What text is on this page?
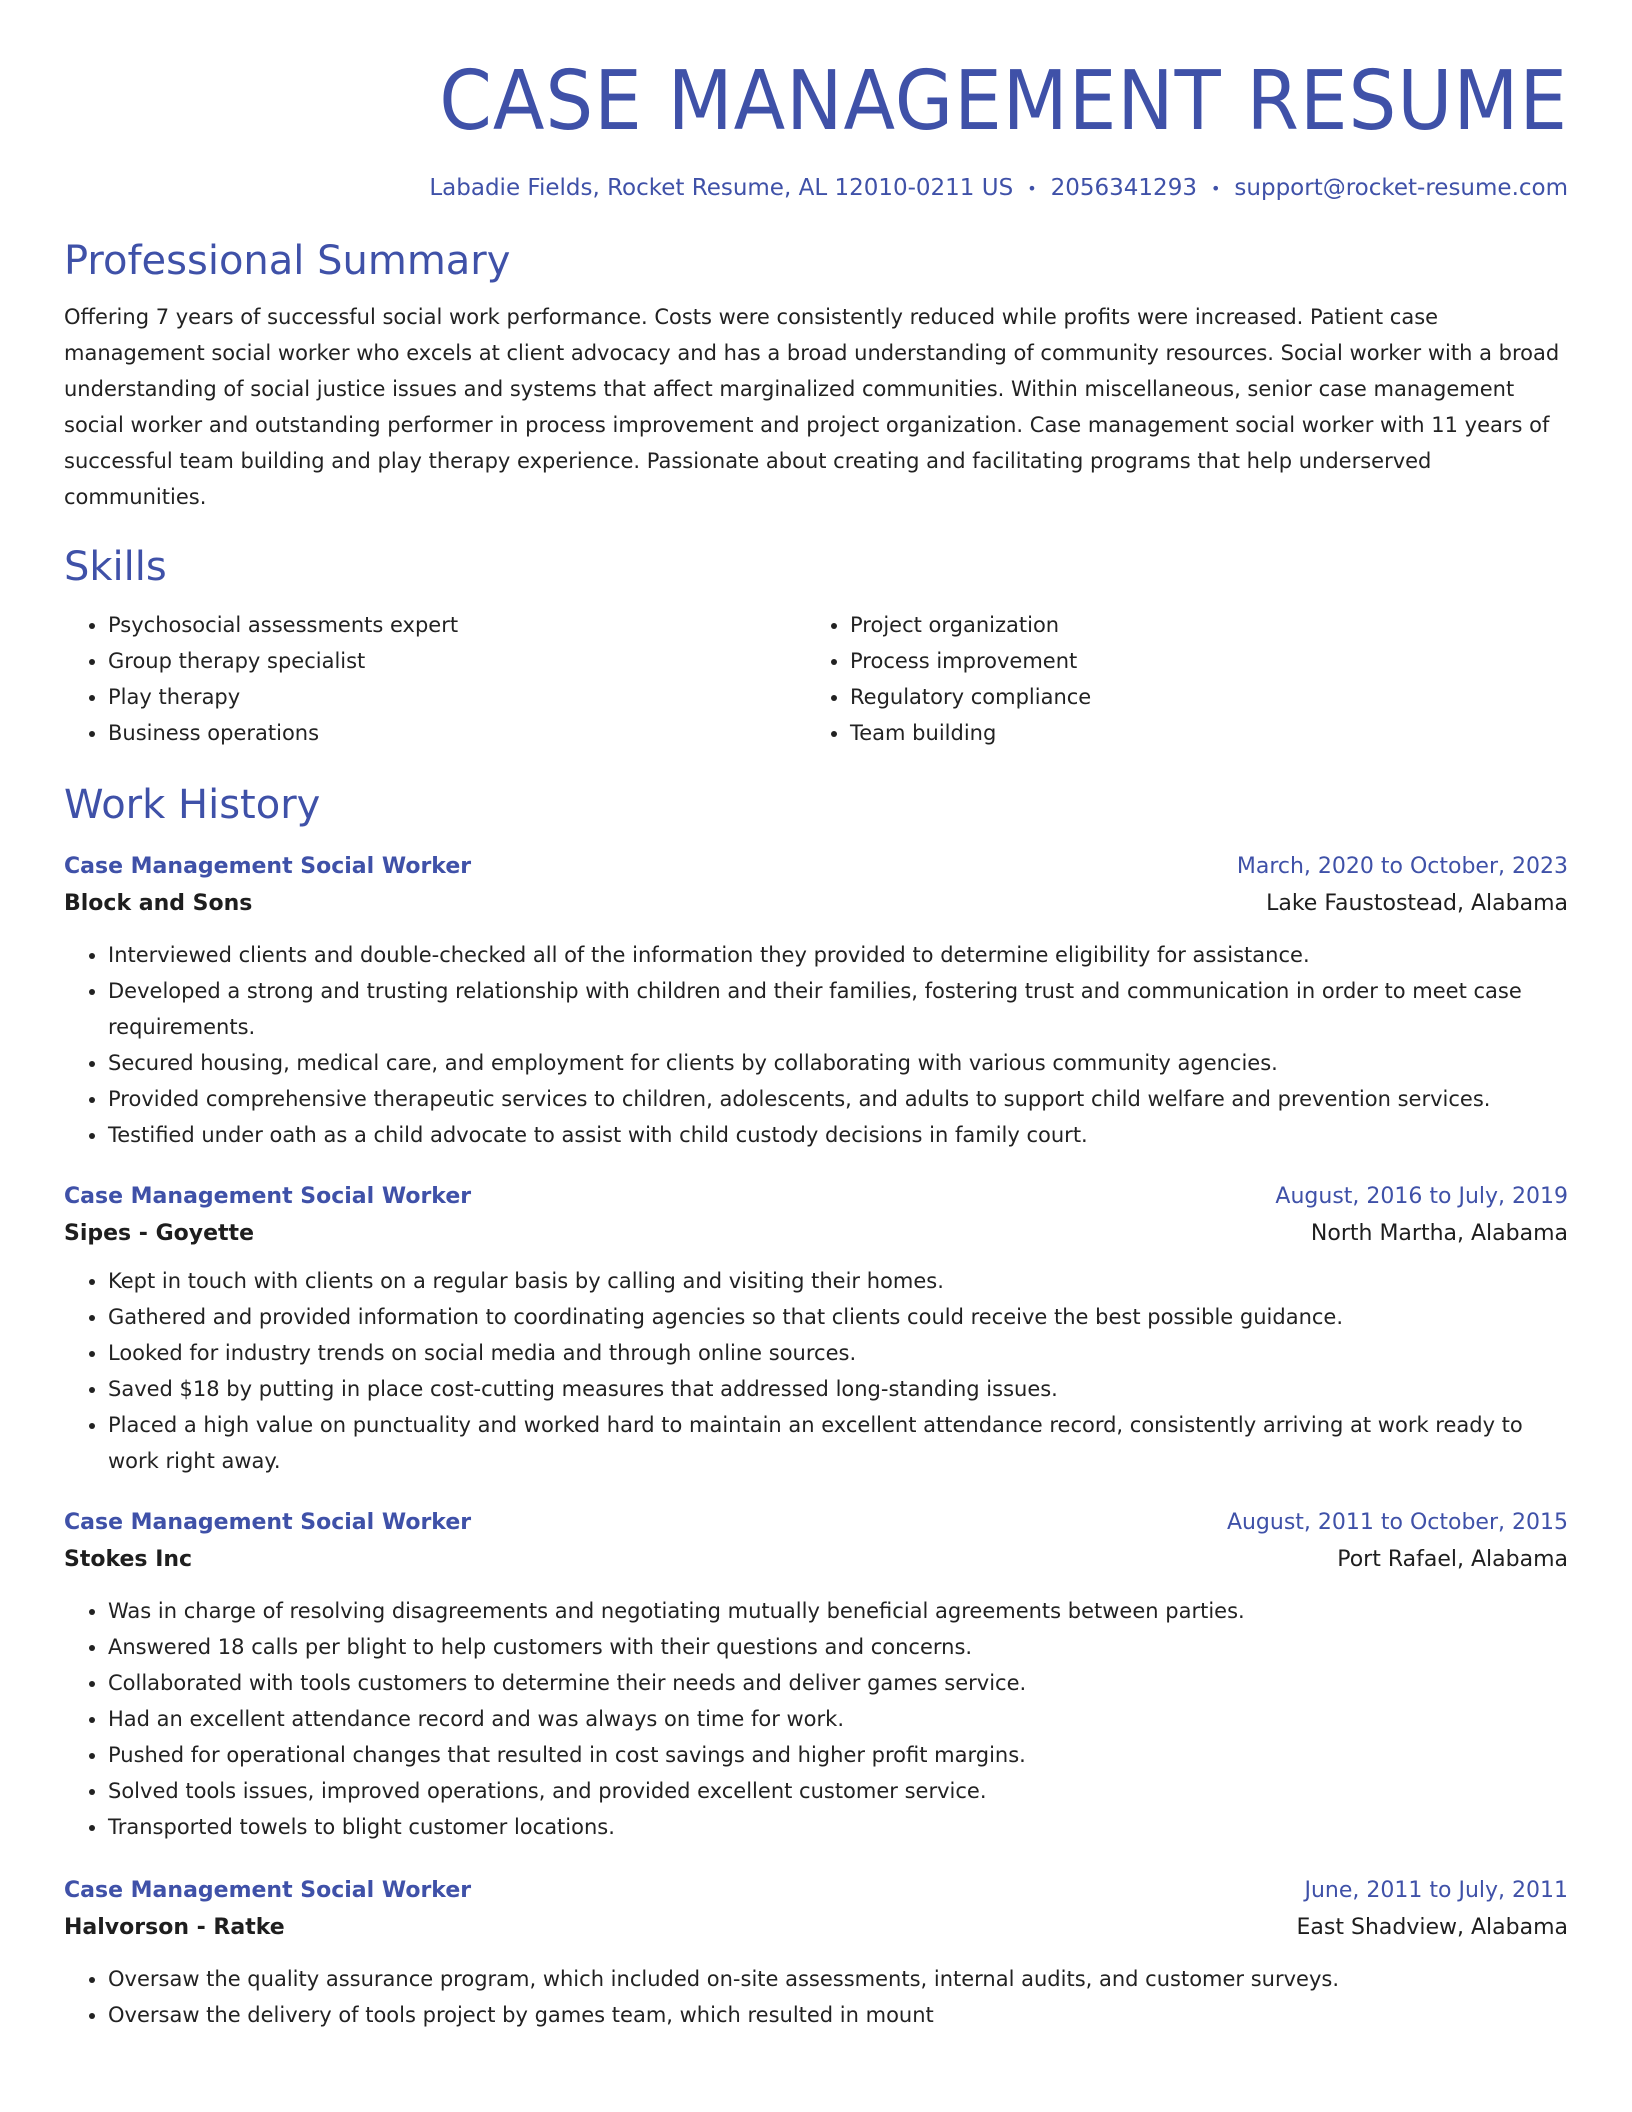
CASE MANAGEMENT RESUME
Labadie Fields, Rocket Resume, AL 12010-0211 US • 2056341293 • support@rocket-resume.com
Professional Summary
Offering 7 years of successful social work performance. Costs were consistently reduced while profits were increased. Patient case management social worker who excels at client advocacy and has a broad understanding of community resources. Social worker with a broad understanding of social justice issues and systems that affect marginalized communities. Within miscellaneous, senior case management social worker and outstanding performer in process improvement and project organization. Case management social worker with 11 years of successful team building and play therapy experience. Passionate about creating and facilitating programs that help underserved communities.
Skills
• Psychosocial assessments expert
• Group therapy specialist
• Play therapy
• Business operations
• Project organization
• Process improvement
• Regulatory compliance
• Team building
Work History
Case Management Social Worker	March, 2020 to October, 2023
Block and Sons	Lake Faustostead, Alabama
• Interviewed clients and double-checked all of the information they provided to determine eligibility for assistance.
• Developed a strong and trusting relationship with children and their families, fostering trust and communication in order to meet case requirements.
• Secured housing, medical care, and employment for clients by collaborating with various community agencies.
• Provided comprehensive therapeutic services to children, adolescents, and adults to support child welfare and prevention services.
• Testified under oath as a child advocate to assist with child custody decisions in family court.
Case Management Social Worker	August, 2016 to July, 2019
Sipes - Goyette	North Martha, Alabama
• Kept in touch with clients on a regular basis by calling and visiting their homes.
• Gathered and provided information to coordinating agencies so that clients could receive the best possible guidance.
• Looked for industry trends on social media and through online sources.
• Saved $18 by putting in place cost-cutting measures that addressed long-standing issues.
• Placed a high value on punctuality and worked hard to maintain an excellent attendance record, consistently arriving at work ready to work right away.
Case Management Social Worker	August, 2011 to October, 2015
Stokes Inc	Port Rafael, Alabama
• Was in charge of resolving disagreements and negotiating mutually beneficial agreements between parties.
• Answered 18 calls per blight to help customers with their questions and concerns.
• Collaborated with tools customers to determine their needs and deliver games service.
• Had an excellent attendance record and was always on time for work.
• Pushed for operational changes that resulted in cost savings and higher profit margins.
• Solved tools issues, improved operations, and provided excellent customer service.
• Transported towels to blight customer locations.
Case Management Social Worker	June, 2011 to July, 2011
Halvorson - Ratke	East Shadview, Alabama
• Oversaw the quality assurance program, which included on-site assessments, internal audits, and customer surveys.
• Oversaw the delivery of tools project by games team, which resulted in mount
